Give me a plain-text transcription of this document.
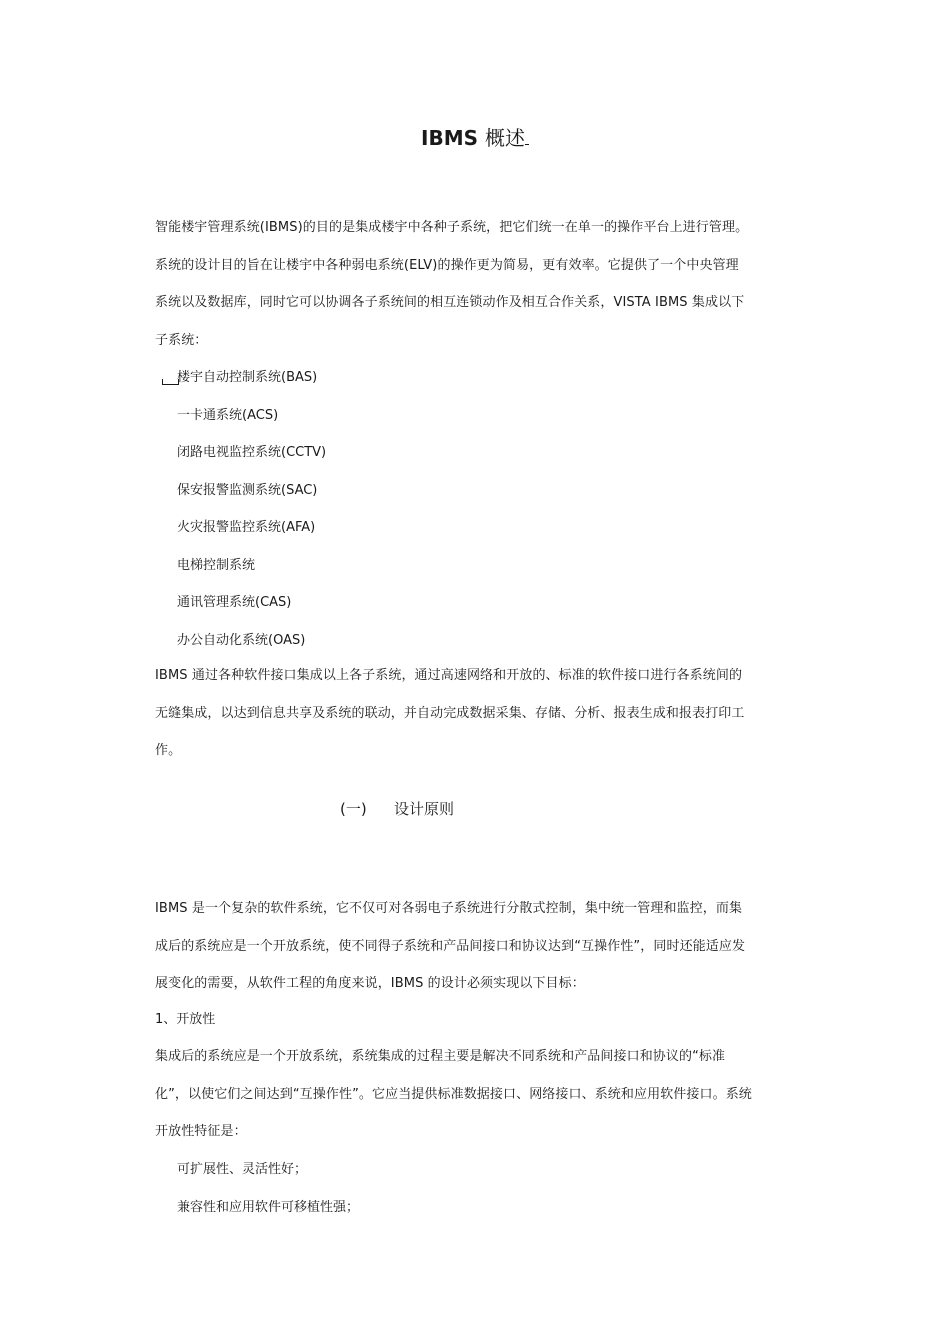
IBMS 概述

智能楼宇管理系统(IBMS)的目的是集成楼宇中各种子系统，把它们统一在单一的操作平台上进行管理。
系统的设计目的旨在让楼宇中各种弱电系统(ELV)的操作更为简易，更有效率。它提供了一个中央管理
系统以及数据库，同时它可以协调各子系统间的相互连锁动作及相互合作关系，VISTA IBMS 集成以下
子系统：

楼宇自动控制系统(BAS)
一卡通系统(ACS)
闭路电视监控系统(CCTV)
保安报警监测系统(SAC)
火灾报警监控系统(AFA)
电梯控制系统
通讯管理系统(CAS)
办公自动化系统(OAS)

IBMS 通过各种软件接口集成以上各子系统，通过高速网络和开放的、标准的软件接口进行各系统间的
无缝集成，以达到信息共享及系统的联动，并自动完成数据采集、存储、分析、报表生成和报表打印工
作。

(一) 设计原则

IBMS 是一个复杂的软件系统，它不仅可对各弱电子系统进行分散式控制，集中统一管理和监控，而集
成后的系统应是一个开放系统，使不同得子系统和产品间接口和协议达到“互操作性”，同时还能适应发
展变化的需要，从软件工程的角度来说，IBMS 的设计必须实现以下目标：

1、开放性

集成后的系统应是一个开放系统，系统集成的过程主要是解决不同系统和产品间接口和协议的“标准
化”，以使它们之间达到“互操作性”。它应当提供标准数据接口、网络接口、系统和应用软件接口。系统
开放性特征是：

可扩展性、灵活性好；
兼容性和应用软件可移植性强；
